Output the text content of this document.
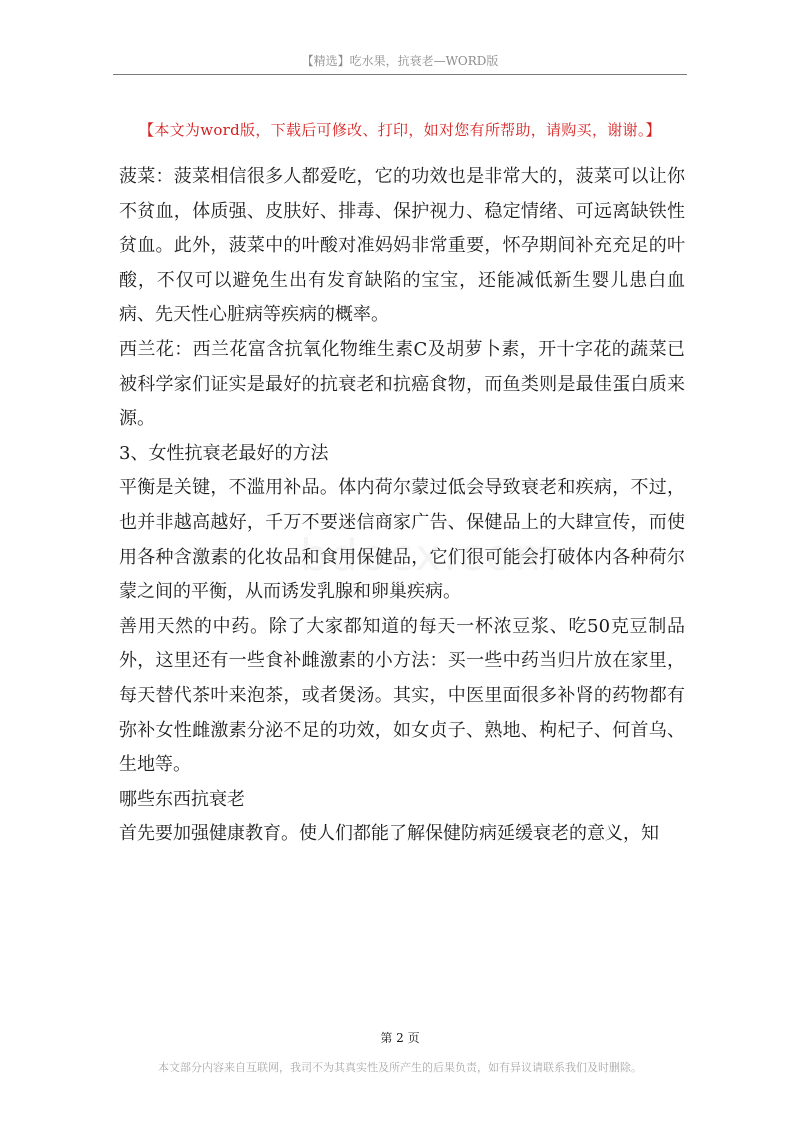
【精选】吃水果，抗衰老—WORD版
【本文为word版，下载后可修改、打印，如对您有所帮助，请购买，谢谢。】

菠菜：菠菜相信很多人都爱吃，它的功效也是非常大的，菠菜可以让你不贫血，体质强、皮肤好、排毒、保护视力、稳定情绪、可远离缺铁性贫血。此外，菠菜中的叶酸对准妈妈非常重要，怀孕期间补充充足的叶酸，不仅可以避免生出有发育缺陷的宝宝，还能减低新生婴儿患白血病、先天性心脏病等疾病的概率。

西兰花：西兰花富含抗氧化物维生素C及胡萝卜素，开十字花的蔬菜已被科学家们证实是最好的抗衰老和抗癌食物，而鱼类则是最佳蛋白质来源。

3、女性抗衰老最好的方法

平衡是关键，不滥用补品。体内荷尔蒙过低会导致衰老和疾病，不过，也并非越高越好，千万不要迷信商家广告、保健品上的大肆宣传，而使用各种含激素的化妆品和食用保健品，它们很可能会打破体内各种荷尔蒙之间的平衡，从而诱发乳腺和卵巢疾病。

善用天然的中药。除了大家都知道的每天一杯浓豆浆、吃50克豆制品外，这里还有一些食补雌激素的小方法：买一些中药当归片放在家里，每天替代茶叶来泡茶，或者煲汤。其实，中医里面很多补肾的药物都有弥补女性雌激素分泌不足的功效，如女贞子、熟地、枸杞子、何首乌、生地等。

哪些东西抗衰老

首先要加强健康教育。使人们都能了解保健防病延缓衰老的意义，知

第 2 页
本文部分内容来自互联网，我司不为其真实性及所产生的后果负责，如有异议请联系我们及时删除。
